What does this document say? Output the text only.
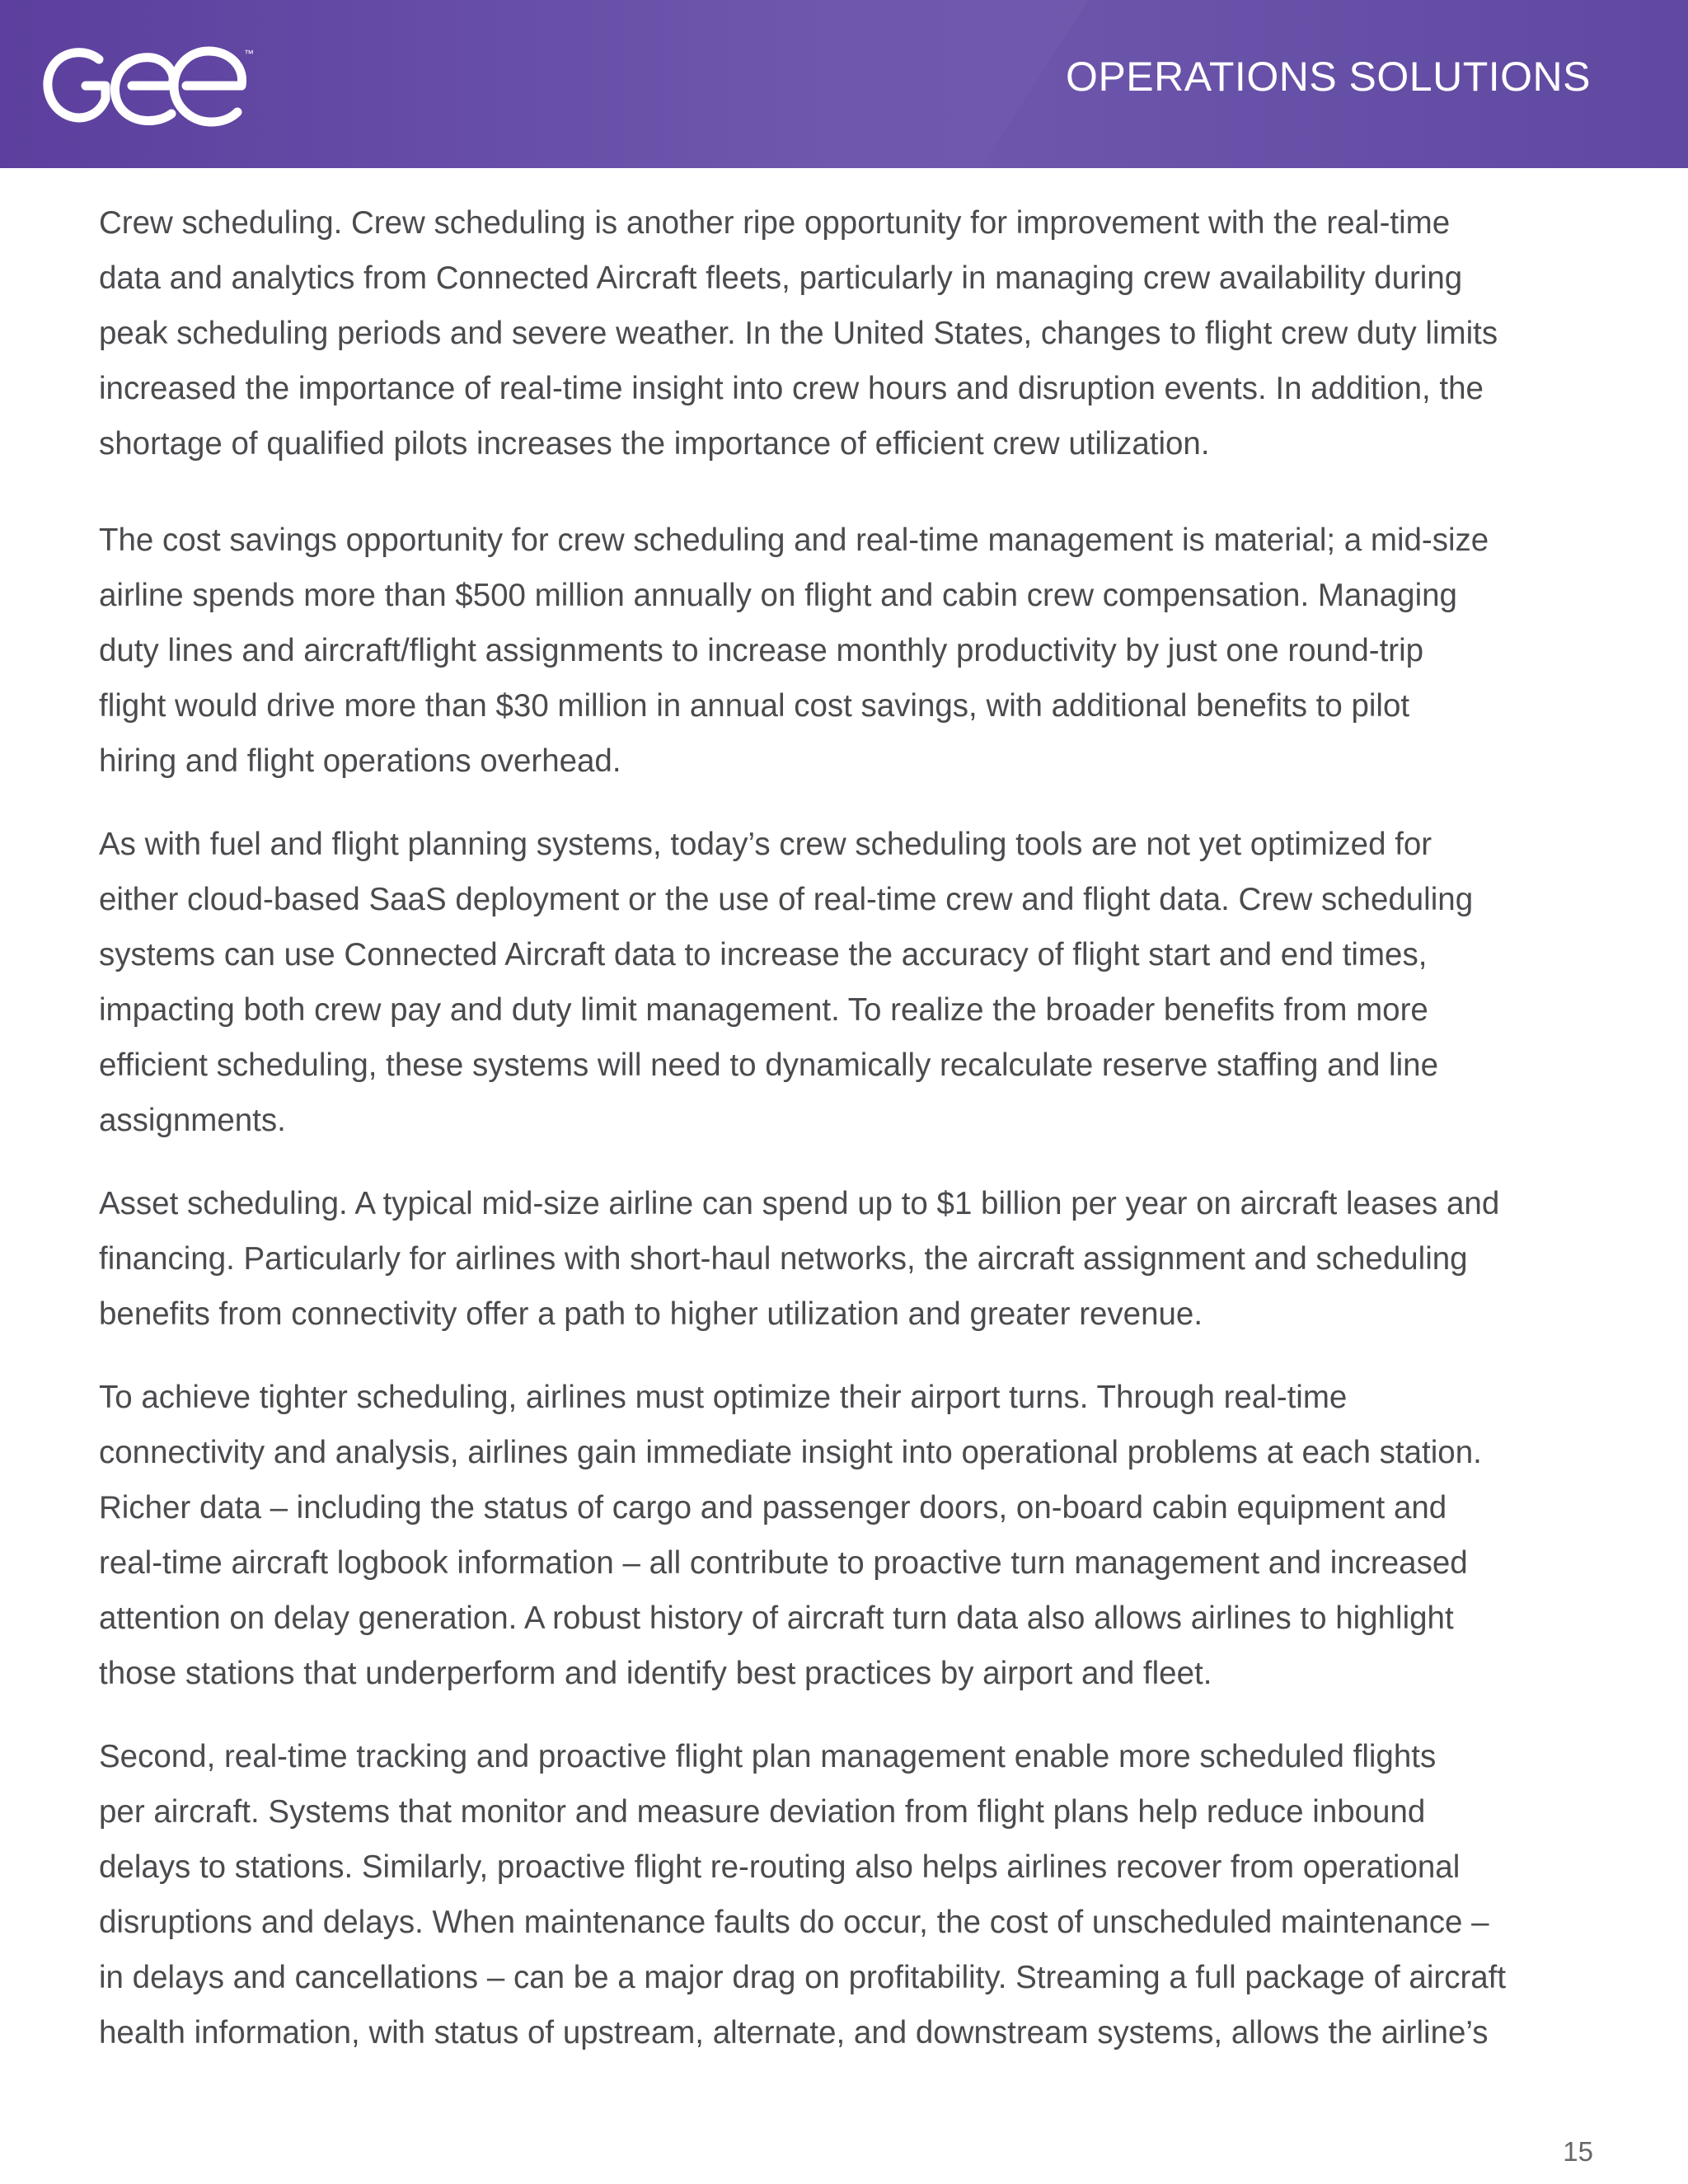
™	OPERATIONS SOLUTIONS

Crew scheduling. Crew scheduling is another ripe opportunity for improvement with the real-time
data and analytics from Connected Aircraft fleets, particularly in managing crew availability during
peak scheduling periods and severe weather. In the United States, changes to flight crew duty limits
increased the importance of real-time insight into crew hours and disruption events. In addition, the
shortage of qualified pilots increases the importance of efficient crew utilization.

The cost savings opportunity for crew scheduling and real-time management is material; a mid-size
airline spends more than $500 million annually on flight and cabin crew compensation. Managing
duty lines and aircraft/flight assignments to increase monthly productivity by just one round-trip
flight would drive more than $30 million in annual cost savings, with additional benefits to pilot
hiring and flight operations overhead.

As with fuel and flight planning systems, today’s crew scheduling tools are not yet optimized for
either cloud-based SaaS deployment or the use of real-time crew and flight data. Crew scheduling
systems can use Connected Aircraft data to increase the accuracy of flight start and end times,
impacting both crew pay and duty limit management. To realize the broader benefits from more
efficient scheduling, these systems will need to dynamically recalculate reserve staffing and line
assignments.

Asset scheduling. A typical mid-size airline can spend up to $1 billion per year on aircraft leases and
financing. Particularly for airlines with short-haul networks, the aircraft assignment and scheduling
benefits from connectivity offer a path to higher utilization and greater revenue.

To achieve tighter scheduling, airlines must optimize their airport turns. Through real-time
connectivity and analysis, airlines gain immediate insight into operational problems at each station.
Richer data – including the status of cargo and passenger doors, on-board cabin equipment and
real-time aircraft logbook information – all contribute to proactive turn management and increased
attention on delay generation. A robust history of aircraft turn data also allows airlines to highlight
those stations that underperform and identify best practices by airport and fleet.

Second, real-time tracking and proactive flight plan management enable more scheduled flights
per aircraft. Systems that monitor and measure deviation from flight plans help reduce inbound
delays to stations. Similarly, proactive flight re-routing also helps airlines recover from operational
disruptions and delays. When maintenance faults do occur, the cost of unscheduled maintenance –
in delays and cancellations – can be a major drag on profitability. Streaming a full package of aircraft
health information, with status of upstream, alternate, and downstream systems, allows the airline’s

15
